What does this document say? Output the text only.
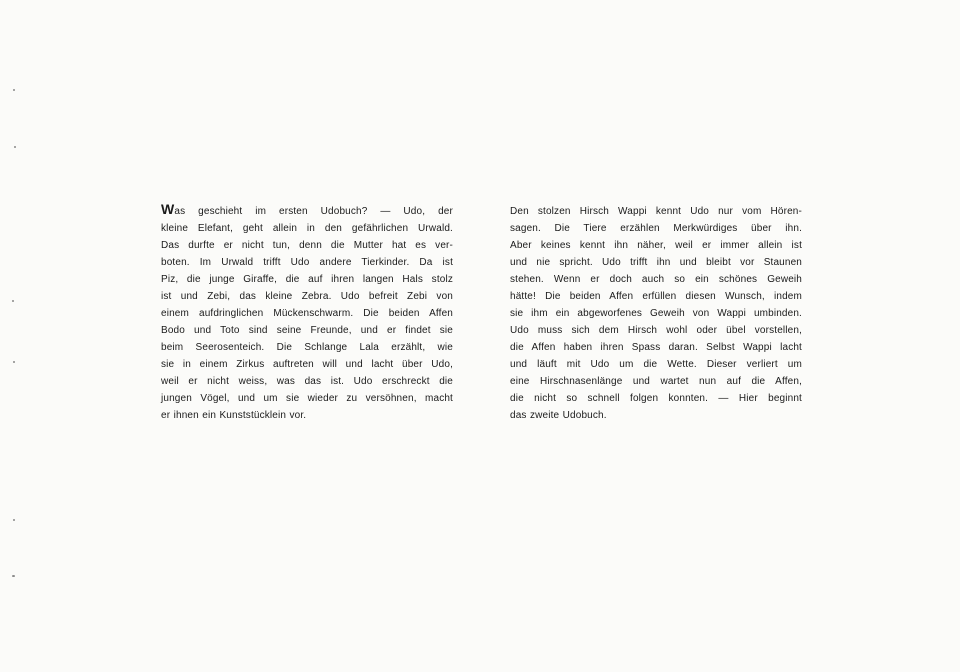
Was geschieht im ersten Udobuch? — Udo, der
kleine Elefant, geht allein in den gefährlichen Urwald.
Das durfte er nicht tun, denn die Mutter hat es ver-
boten. Im Urwald trifft Udo andere Tierkinder. Da ist
Piz, die junge Giraffe, die auf ihren langen Hals stolz
ist und Zebi, das kleine Zebra. Udo befreit Zebi von
einem aufdringlichen Mückenschwarm. Die beiden Affen
Bodo und Toto sind seine Freunde, und er findet sie
beim Seerosenteich. Die Schlange Lala erzählt, wie
sie in einem Zirkus auftreten will und lacht über Udo,
weil er nicht weiss, was das ist. Udo erschreckt die
jungen Vögel, und um sie wieder zu versöhnen, macht
er ihnen ein Kunststücklein vor.
Den stolzen Hirsch Wappi kennt Udo nur vom Hören-
sagen. Die Tiere erzählen Merkwürdiges über ihn.
Aber keines kennt ihn näher, weil er immer allein ist
und nie spricht. Udo trifft ihn und bleibt vor Staunen
stehen. Wenn er doch auch so ein schönes Geweih
hätte! Die beiden Affen erfüllen diesen Wunsch, indem
sie ihm ein abgeworfenes Geweih von Wappi umbinden.
Udo muss sich dem Hirsch wohl oder übel vorstellen,
die Affen haben ihren Spass daran. Selbst Wappi lacht
und läuft mit Udo um die Wette. Dieser verliert um
eine Hirschnasenlänge und wartet nun auf die Affen,
die nicht so schnell folgen konnten. — Hier beginnt
das zweite Udobuch.
